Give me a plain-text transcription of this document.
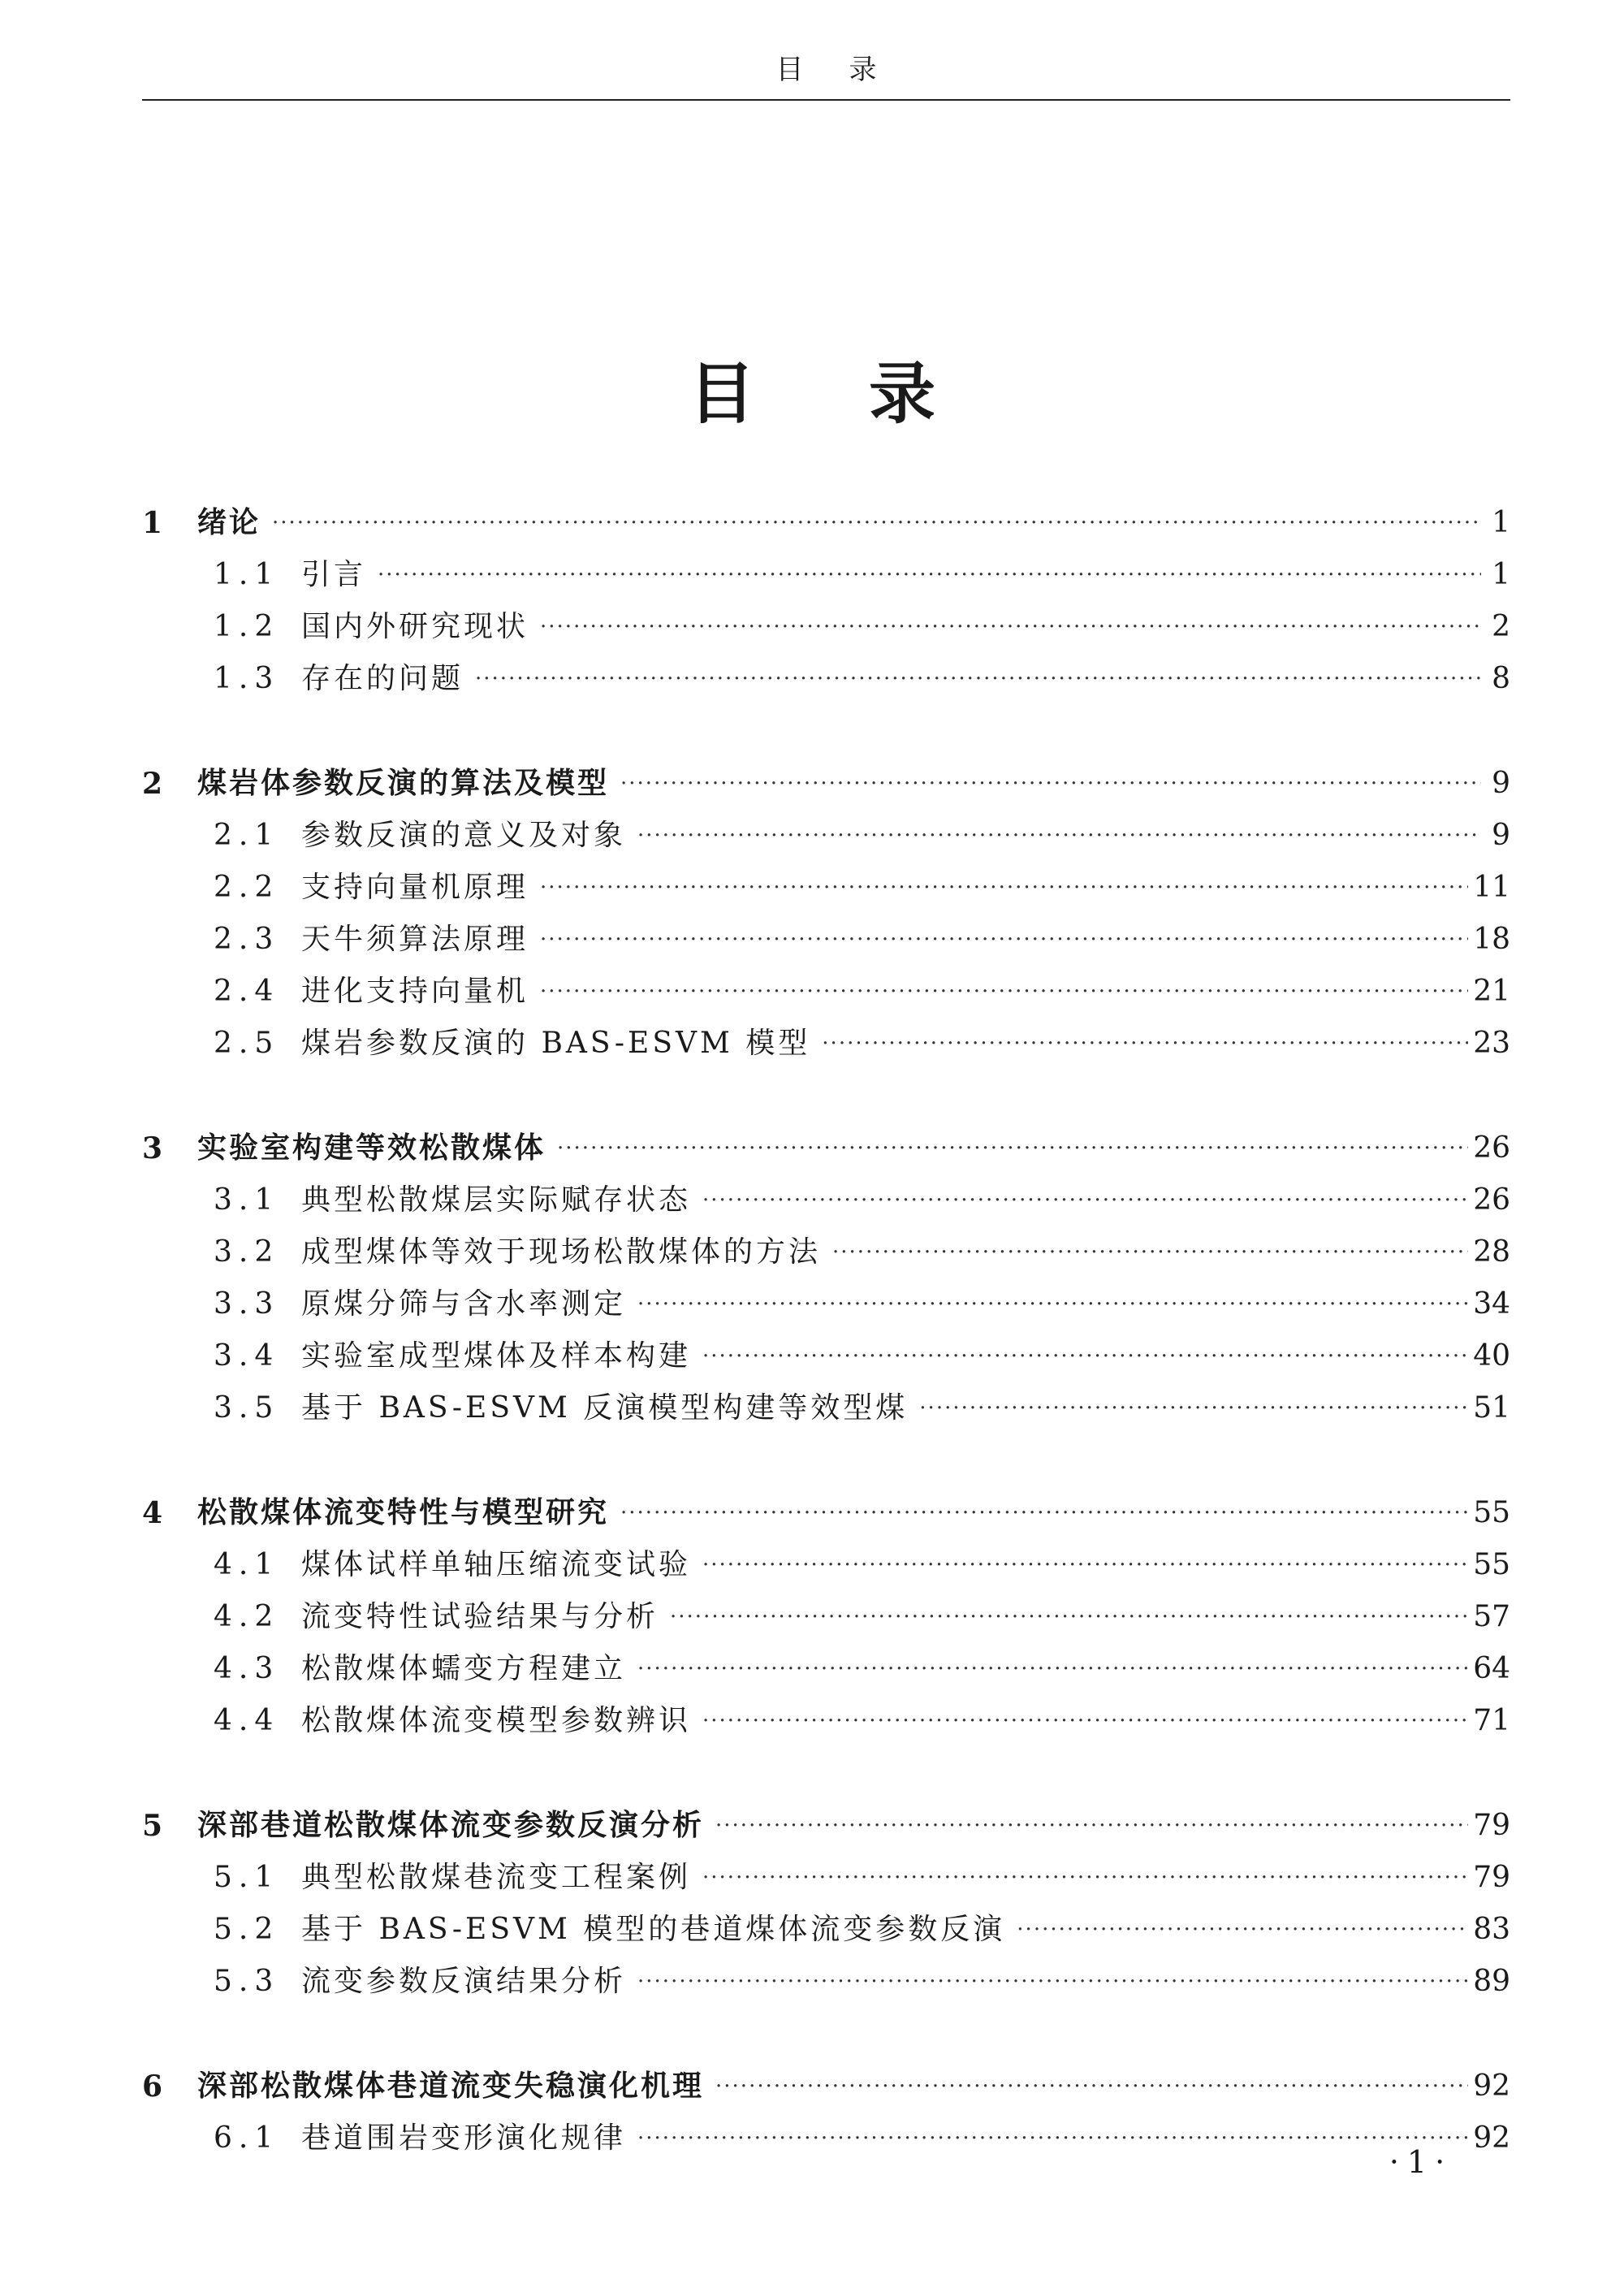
目录
目录
1	绪论 ·····	1
1.1 引言 ·····	1
1.2 国内外研究现状 ·····	2
1.3 存在的问题 ·····	8
2	煤岩体参数反演的算法及模型 ·····	9
2.1 参数反演的意义及对象 ·····	9
2.2 支持向量机原理 ·····	11
2.3 天牛须算法原理 ·····	18
2.4 进化支持向量机 ·····	21
2.5 煤岩参数反演的 BAS-ESVM 模型 ·····	23
3	实验室构建等效松散煤体 ·····	26
3.1 典型松散煤层实际赋存状态 ·····	26
3.2 成型煤体等效于现场松散煤体的方法 ·····	28
3.3 原煤分筛与含水率测定 ·····	34
3.4 实验室成型煤体及样本构建 ·····	40
3.5 基于 BAS-ESVM 反演模型构建等效型煤 ·····	51
4	松散煤体流变特性与模型研究 ·····	55
4.1 煤体试样单轴压缩流变试验 ·····	55
4.2 流变特性试验结果与分析 ·····	57
4.3 松散煤体蠕变方程建立 ·····	64
4.4 松散煤体流变模型参数辨识 ·····	71
5	深部巷道松散煤体流变参数反演分析 ·····	79
5.1 典型松散煤巷流变工程案例 ·····	79
5.2 基于 BAS-ESVM 模型的巷道煤体流变参数反演 ·····	83
5.3 流变参数反演结果分析 ·····	89
6	深部松散煤体巷道流变失稳演化机理 ·····	92
6.1 巷道围岩变形演化规律 ·····	92
·1·
